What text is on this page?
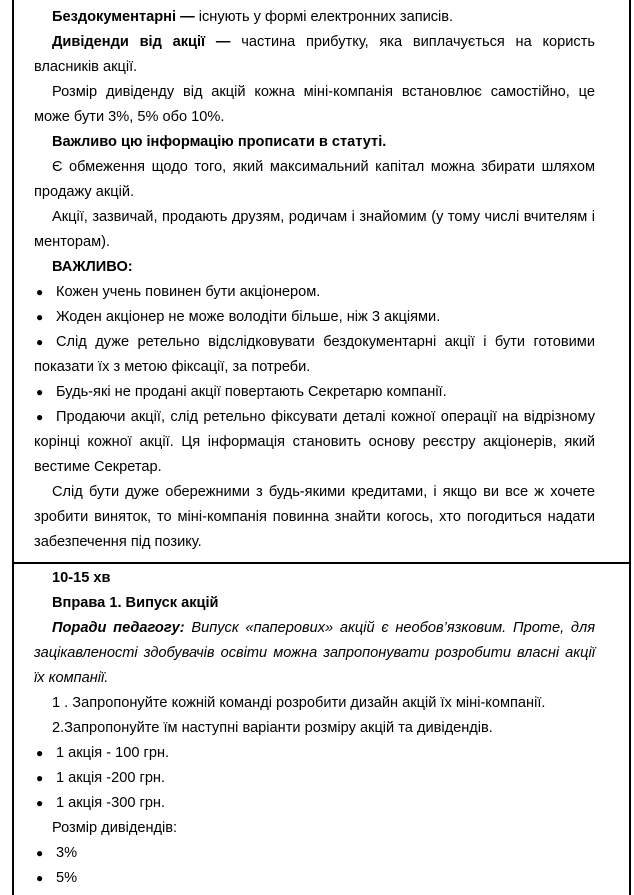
Бездокументарні — існують у формі електронних записів.

Дивіденди від акції — частина прибутку, яка виплачується на користь власників акції.

Розмір дивіденду від акцій кожна міні-компанія встановлює самостійно, це може бути 3%, 5% обо 10%.

Важливо цю інформацію прописати в статуті.

Є обмеження щодо того, який максимальний капітал можна збирати шляхом продажу акцій.

Акції, зазвичай, продають друзям, родичам і знайомим (у тому числі вчителям і менторам).

ВАЖЛИВО:

● Кожен учень повинен бути акціонером.
● Жоден акціонер не може володіти більше, ніж 3 акціями.
● Слід дуже ретельно відслідковувати бездокументарні акції і бути готовими показати їх з метою фіксації, за потреби.
● Будь-які не продані акції повертають Секретарю компанії.
● Продаючи акції, слід ретельно фіксувати деталі кожної операції на відрізному корінці кожної акції. Ця інформація становить основу реєстру акціонерів, який вестиме Секретар.

Слід бути дуже обережними з будь-якими кредитами, і якщо ви все ж хочете зробити виняток, то міні-компанія повинна знайти когось, хто погодиться надати забезпечення під позику.

10-15 хв

Вправа 1. Випуск акцій

Поради педагогу: Випуск «паперових» акцій є необов’язковим. Проте, для зацікавленості здобувачів освіти можна запропонувати розробити власні акції їх компанії.

1 . Запропонуйте кожній команді розробити дизайн акцій їх міні-компанії.

2.Запропонуйте їм наступні варіанти розміру акцій та дивідендів.

● 1 акція - 100 грн.
● 1 акція -200 грн.
● 1 акція -300 грн.

Розмір дивідендів:

● 3%
● 5%
